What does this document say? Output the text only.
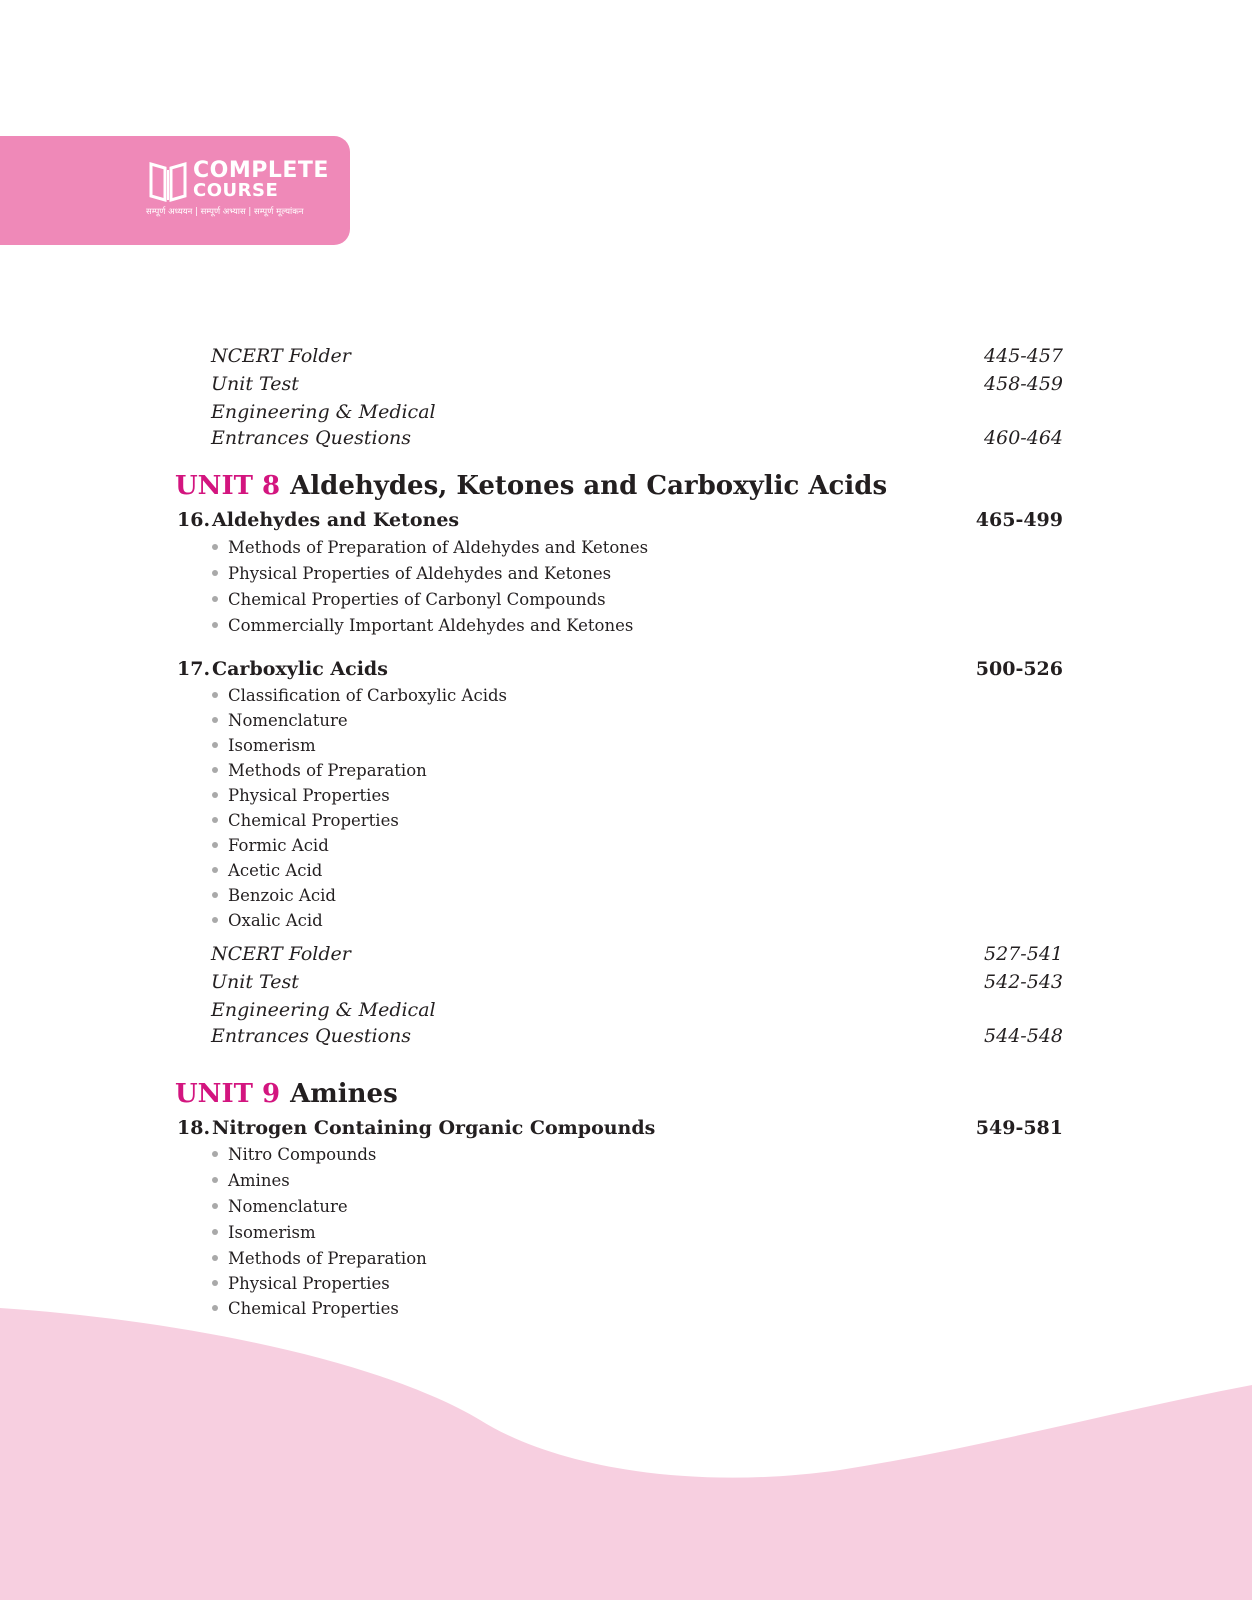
COMPLETE
COURSE
सम्पूर्ण अध्ययन | सम्पूर्ण अभ्यास | सम्पूर्ण मूल्यांकन
NCERT Folder	445-457
Unit Test	458-459
Engineering & Medical
Entrances Questions	460-464
UNIT 8 Aldehydes, Ketones and Carboxylic Acids
16. Aldehydes and Ketones	465-499
Methods of Preparation of Aldehydes and Ketones
Physical Properties of Aldehydes and Ketones
Chemical Properties of Carbonyl Compounds
Commercially Important Aldehydes and Ketones
17. Carboxylic Acids	500-526
Classification of Carboxylic Acids
Nomenclature
Isomerism
Methods of Preparation
Physical Properties
Chemical Properties
Formic Acid
Acetic Acid
Benzoic Acid
Oxalic Acid
NCERT Folder	527-541
Unit Test	542-543
Engineering & Medical
Entrances Questions	544-548
UNIT 9 Amines
18. Nitrogen Containing Organic Compounds	549-581
Nitro Compounds
Amines
Nomenclature
Isomerism
Methods of Preparation
Physical Properties
Chemical Properties
